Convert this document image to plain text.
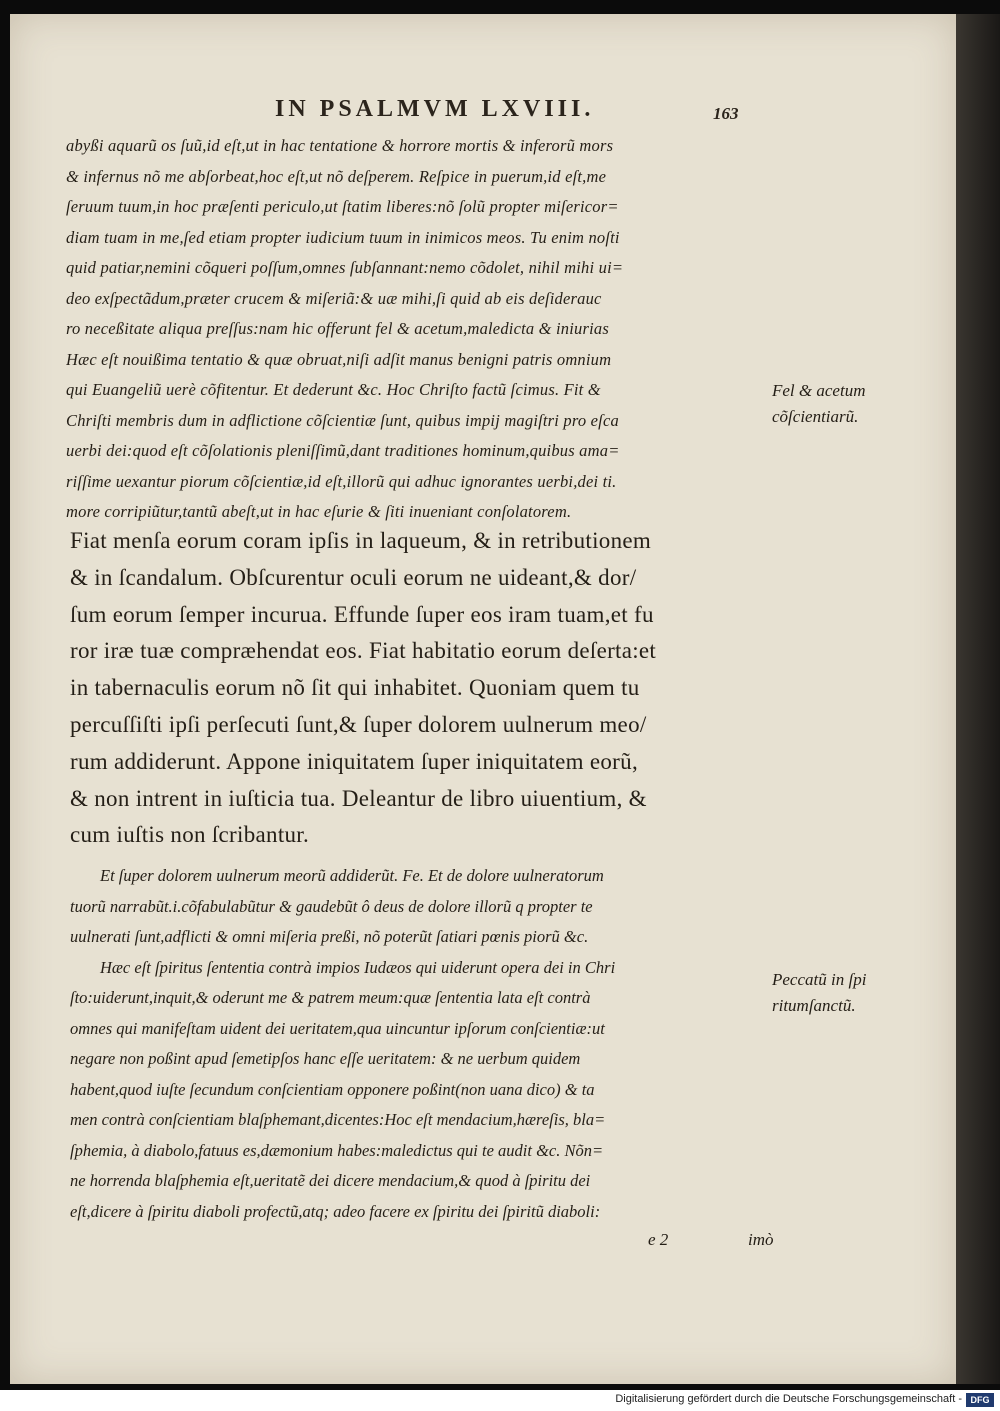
IN PSALMVM LXVIII.	163
abyßi aquarũ os ſuũ,id eſt,ut in hac tentatione & horrore mortis & inferorũ mors
& infernus nõ me abſorbeat,hoc eſt,ut nõ deſperem. Reſpice in puerum,id eſt,me
ſeruum tuum,in hoc præſenti periculo,ut ſtatim liberes:nõ ſolũ propter miſericor=
diam tuam in me,ſed etiam propter iudicium tuum in inimicos meos. Tu enim noſti
quid patiar,nemini cõqueri poſſum,omnes ſubſannant:nemo cõdolet, nihil mihi ui=
deo exſpectãdum,præter crucem & miſeriã:& uæ mihi,ſi quid ab eis deſiderauc
ro neceßitate aliqua preſſus:nam hic offerunt fel & acetum,maledicta & iniurias
Hæc eſt nouißima tentatio & quæ obruat,niſi adſit manus benigni patris omnium
qui Euangeliũ uerè cõfitentur. Et dederunt &c. Hoc Chriſto factũ ſcimus. Fit &
Chriſti membris dum in adflictione cõſcientiæ ſunt, quibus impij magiſtri pro eſca
uerbi dei:quod eſt cõſolationis pleniſſimũ,dant traditiones hominum,quibus ama=
riſſime uexantur piorum cõſcientiæ,id eſt,illorũ qui adhuc ignorantes uerbi,dei ti.
more corripiũtur,tantũ abeſt,ut in hac eſurie & ſiti inueniant conſolatorem.
Fel & acetum
cõſcientiarũ.
Fiat menſa eorum coram ipſis in laqueum, & in retributionem
& in ſcandalum. Obſcurentur oculi eorum ne uideant,& dor/
ſum eorum ſemper incurua. Effunde ſuper eos iram tuam,et fu
ror iræ tuæ compræhendat eos. Fiat habitatio eorum deſerta:et
in tabernaculis eorum nõ ſit qui inhabitet. Quoniam quem tu
percuſſiſti ipſi perſecuti ſunt,& ſuper dolorem uulnerum meo/
rum addiderunt. Appone iniquitatem ſuper iniquitatem eorũ,
& non intrent in iuſticia tua. Deleantur de libro uiuentium, &
cum iuſtis non ſcribantur.
Et ſuper dolorem uulnerum meorũ addiderũt. Fe. Et de dolore uulneratorum
tuorũ narrabũt.i.cõfabulabũtur & gaudebũt ô deus de dolore illorũ q propter te
uulnerati ſunt,adflicti & omni miſeria preßi, nõ poterũt ſatiari pœnis piorũ &c.
Hæc eſt ſpiritus ſententia contrà impios Iudæos qui uiderunt opera dei in Chri
ſto:uiderunt,inquit,& oderunt me & patrem meum:quæ ſententia lata eſt contrà
omnes qui manifeſtam uident dei ueritatem,qua uincuntur ipſorum conſcientiæ:ut
negare non poßint apud ſemetipſos hanc eſſe ueritatem: & ne uerbum quidem
habent,quod iuſte ſecundum conſcientiam opponere poßint(non uana dico) & ta
men contrà conſcientiam blaſphemant,dicentes:Hoc eſt mendacium,hæreſis, bla=
ſphemia, à diabolo,fatuus es,dæmonium habes:maledictus qui te audit &c. Nõn=
ne horrenda blaſphemia eſt,ueritatẽ dei dicere mendacium,& quod à ſpiritu dei
eſt,dicere à ſpiritu diaboli profectũ,atq; adeo facere ex ſpiritu dei ſpiritũ diaboli:
Peccatũ in ſpi
ritumſanctũ.
e 2	imò
Digitalisierung gefördert durch die Deutsche Forschungsgemeinschaft - DFG
